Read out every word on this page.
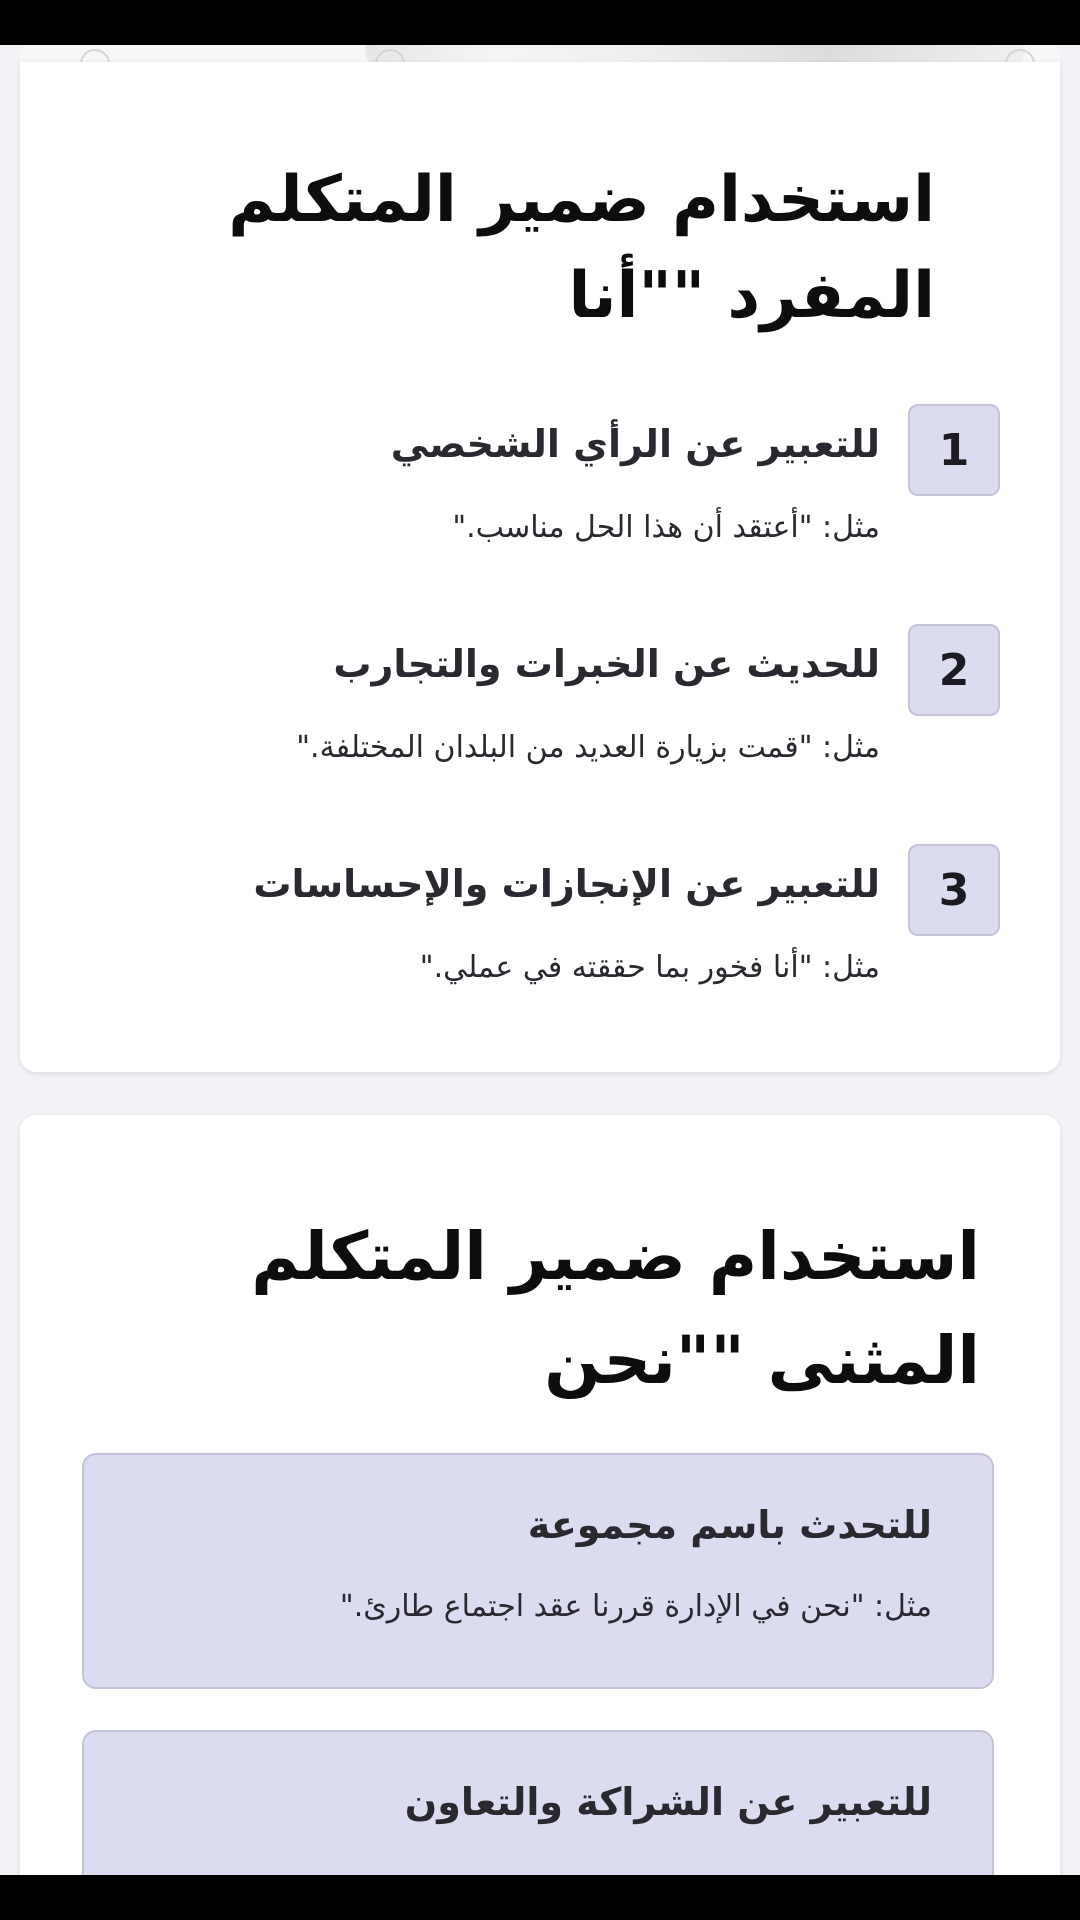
استخدام ضمير المتكلم المفرد ""أنا
1
للتعبير عن الرأي الشخصي
مثل: "أعتقد أن هذا الحل مناسب."
2
للحديث عن الخبرات والتجارب
مثل: "قمت بزيارة العديد من البلدان المختلفة."
3
للتعبير عن الإنجازات والإحساسات
مثل: "أنا فخور بما حققته في عملي."
استخدام ضمير المتكلم المثنى ""نحن
للتحدث باسم مجموعة
مثل: "نحن في الإدارة قررنا عقد اجتماع طارئ."
للتعبير عن الشراكة والتعاون
